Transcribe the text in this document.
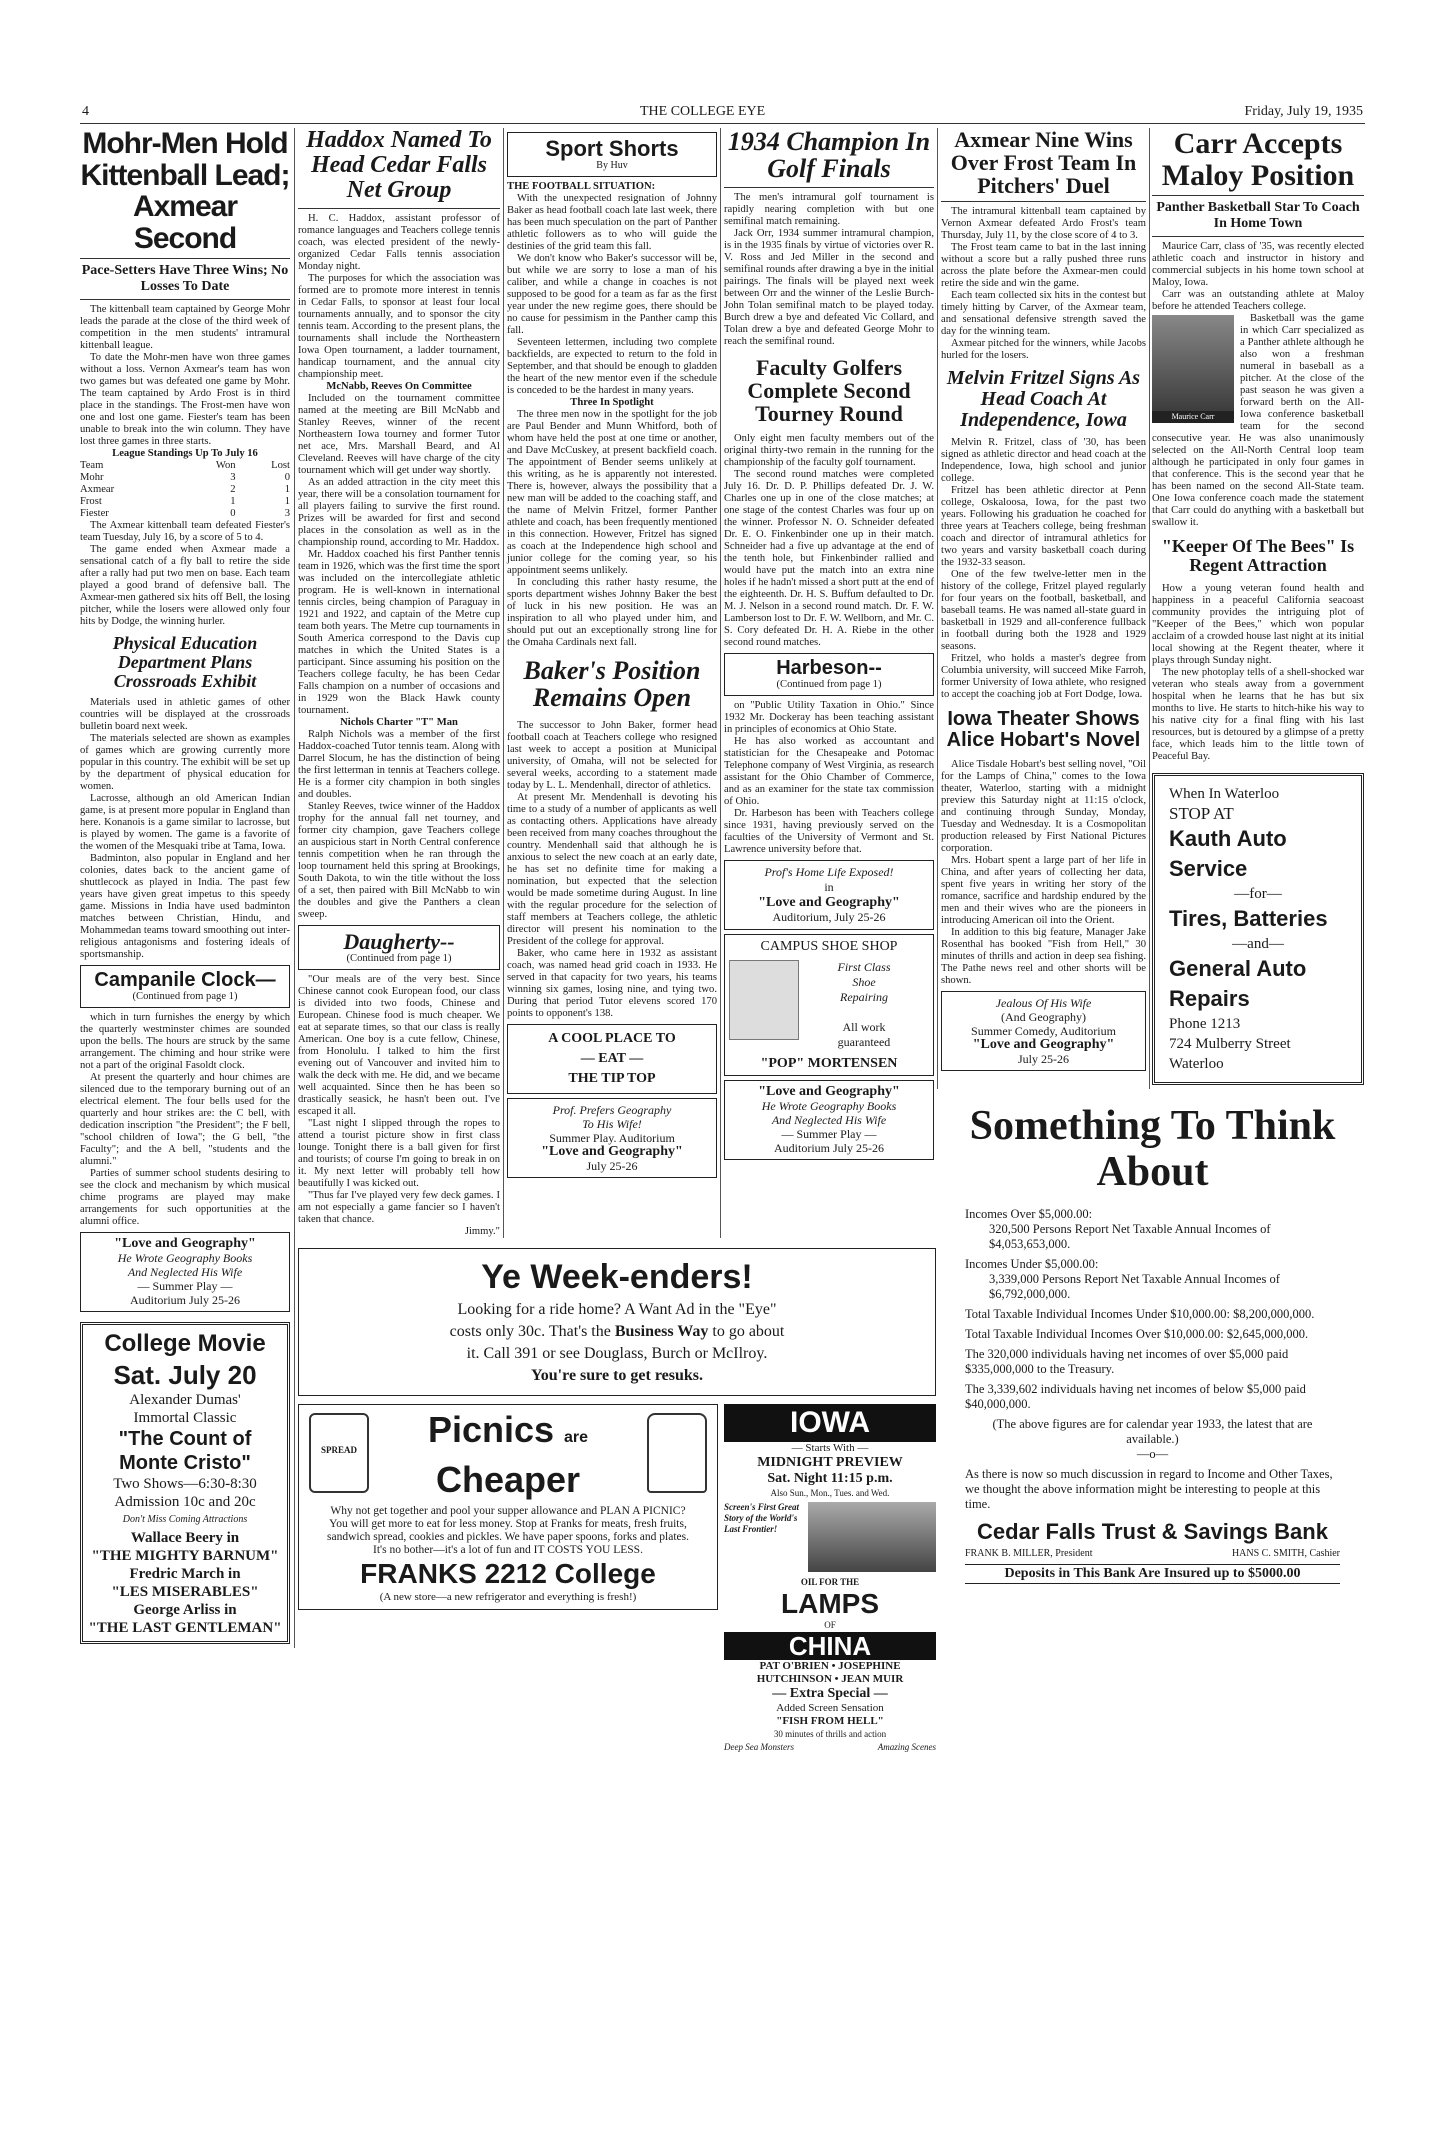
4	THE COLLEGE EYE	Friday, July 19, 1935
Mohr-Men Hold Kittenball Lead; Axmear Second
Pace-Setters Have Three Wins; No Losses To Date

The kittenball team captained by George Mohr leads the parade at the close of the third week of competition in the men students' intramural kittenball league.

To date the Mohr-men have won three games without a loss. Vernon Axmear's team has won two games but was defeated one game by Mohr. The team captained by Ardo Frost is in third place in the standings. The Frost-men have won one and lost one game. Fiester's team has been unable to break into the win column. They have lost three games in three starts.

League Standings Up To July 16
Team	Won	Lost
Mohr	3	0
Axmear	2	1
Frost	1	1
Fiester	0	3

The Axmear kittenball team defeated Fiester's team Tuesday, July 16, by a score of 5 to 4.

The game ended when Axmear made a sensational catch of a fly ball to retire the side after a rally had put two men on base. Each team played a good brand of defensive ball. The Axmear-men gathered six hits off Bell, the losing pitcher, while the losers were allowed only four hits by Dodge, the winning hurler.

Physical Education Department Plans Crossroads Exhibit

Materials used in athletic games of other countries will be displayed at the crossroads bulletin board next week.

The materials selected are shown as examples of games which are growing currently more popular in this country. The exhibit will be set up by the department of physical education for women.

Lacrosse, although an old American Indian game, is at present more popular in England than here. Konanois is a game similar to lacrosse, but is played by women. The game is a favorite of the women of the Mesquaki tribe at Tama, Iowa.

Badminton, also popular in England and her colonies, dates back to the ancient game of shuttlecock as played in India. The past few years have given great impetus to this speedy game. Missions in India have used badminton matches between Christian, Hindu, and Mohammedan teams toward smoothing out inter-religious antagonisms and fostering ideals of sportsmanship.

Campanile Clock—
(Continued from page 1)

which in turn furnishes the energy by which the quarterly westminster chimes are sounded upon the bells. The hours are struck by the same arrangement. The chiming and hour strike were not a part of the original Fasoldt clock.

At present the quarterly and hour chimes are silenced due to the temporary burning out of an electrical element. The four bells used for the quarterly and hour strikes are: the C bell, with dedication inscription "the President"; the F bell, "school children of Iowa"; the G bell, "the Faculty"; and the A bell, "students and the alumni."

Parties of summer school students desiring to see the clock and mechanism by which musical chime programs are played may make arrangements for such opportunities at the alumni office.

"Love and Geography"
He Wrote Geography Books
And Neglected His Wife
— Summer Play —
Auditorium July 25-26
College Movie
Sat. July 20
Alexander Dumas'
Immortal Classic
"The Count of
Monte Cristo"
Two Shows—6:30-8:30
Admission 10c and 20c
Don't Miss Coming Attractions
Wallace Beery in
"THE MIGHTY BARNUM"
Fredric March in
"LES MISERABLES"
George Arliss in
"THE LAST GENTLEMAN"
Haddox Named To Head Cedar Falls Net Group

H. C. Haddox, assistant professor of romance languages and Teachers college tennis coach, was elected president of the newly-organized Cedar Falls tennis association Monday night.

The purposes for which the association was formed are to promote more interest in tennis in Cedar Falls, to sponsor at least four local tournaments annually, and to sponsor the city tennis team. According to the present plans, the tournaments shall include the Northeastern Iowa Open tournament, a ladder tournament, handicap tournament, and the annual city championship meet.

McNabb, Reeves On Committee

Included on the tournament committee named at the meeting are Bill McNabb and Stanley Reeves, winner of the recent Northeastern Iowa tourney and former Tutor net ace, Mrs. Marshall Beard, and Al Cleveland. Reeves will have charge of the city tournament which will get under way shortly.

As an added attraction in the city meet this year, there will be a consolation tournament for all players failing to survive the first round. Prizes will be awarded for first and second places in the consolation as well as in the championship round, according to Mr. Haddox.

Mr. Haddox coached his first Panther tennis team in 1926, which was the first time the sport was included on the intercollegiate athletic program. He is well-known in international tennis circles, being champion of Paraguay in 1921 and 1922, and captain of the Metre cup team both years. The Metre cup tournaments in South America correspond to the Davis cup matches in which the United States is a participant. Since assuming his position on the Teachers college faculty, he has been Cedar Falls champion on a number of occasions and in 1929 won the Black Hawk county tournament.

Nichols Charter "T" Man

Ralph Nichols was a member of the first Haddox-coached Tutor tennis team. Along with Darrel Slocum, he has the distinction of being the first letterman in tennis at Teachers college. He is a former city champion in both singles and doubles.

Stanley Reeves, twice winner of the Haddox trophy for the annual fall net tourney, and former city champion, gave Teachers college an auspicious start in North Central conference tennis competition when he ran through the loop tournament held this spring at Brookings, South Dakota, to win the title without the loss of a set, then paired with Bill McNabb to win the doubles and give the Panthers a clean sweep.

Daugherty--
(Continued from page 1)

"Our meals are of the very best. Since Chinese cannot cook European food, our class is divided into two foods, Chinese and European. Chinese food is much cheaper. We eat at separate times, so that our class is really American. One boy is a cute fellow, Chinese, from Honolulu. I talked to him the first evening out of Vancouver and invited him to walk the deck with me. He did, and we became well acquainted. Since then he has been so drastically seasick, he hasn't been out. I've escaped it all.

"Last night I slipped through the ropes to attend a tourist picture show in first class lounge. Tonight there is a ball given for first and tourists; of course I'm going to break in on it. My next letter will probably tell how beautifully I was kicked out.

"Thus far I've played very few deck games. I am not especially a game fancier so I haven't taken that chance.

Jimmy."
Sport Shorts
By Huv
THE FOOTBALL SITUATION:

With the unexpected resignation of Johnny Baker as head football coach late last week, there has been much speculation on the part of Panther athletic followers as to who will guide the destinies of the grid team this fall.

We don't know who Baker's successor will be, but while we are sorry to lose a man of his caliber, and while a change in coaches is not supposed to be good for a team as far as the first year under the new regime goes, there should be no cause for pessimism in the Panther camp this fall.

Seventeen lettermen, including two complete backfields, are expected to return to the fold in September, and that should be enough to gladden the heart of the new mentor even if the schedule is conceded to be the hardest in many years.

Three In Spotlight

The three men now in the spotlight for the job are Paul Bender and Munn Whitford, both of whom have held the post at one time or another, and Dave McCuskey, at present backfield coach. The appointment of Bender seems unlikely at this writing, as he is apparently not interested. There is, however, always the possibility that a new man will be added to the coaching staff, and the name of Melvin Fritzel, former Panther athlete and coach, has been frequently mentioned in this connection. However, Fritzel has signed as coach at the Independence high school and junior college for the coming year, so his appointment seems unlikely.

In concluding this rather hasty resume, the sports department wishes Johnny Baker the best of luck in his new position. He was an inspiration to all who played under him, and should put out an exceptionally strong line for the Omaha Cardinals next fall.

Baker's Position Remains Open

The successor to John Baker, former head football coach at Teachers college who resigned last week to accept a position at Municipal university, of Omaha, will not be selected for several weeks, according to a statement made today by L. L. Mendenhall, director of athletics.

At present Mr. Mendenhall is devoting his time to a study of a number of applicants as well as contacting others. Applications have already been received from many coaches throughout the country. Mendenhall said that although he is anxious to select the new coach at an early date, he has set no definite time for making a nomination, but expected that the selection would be made sometime during August. In line with the regular procedure for the selection of staff members at Teachers college, the athletic director will present his nomination to the President of the college for approval.

Baker, who came here in 1932 as assistant coach, was named head grid coach in 1933. He served in that capacity for two years, his teams winning six games, losing nine, and tying two. During that period Tutor elevens scored 170 points to opponent's 138.

A COOL PLACE TO
— EAT —
THE TIP TOP
Prof. Prefers Geography
To His Wife!
Summer Play. Auditorium
"Love and Geography"
July 25-26
1934 Champion In Golf Finals

The men's intramural golf tournament is rapidly nearing completion with but one semifinal match remaining.

Jack Orr, 1934 summer intramural champion, is in the 1935 finals by virtue of victories over R. V. Ross and Jed Miller in the second and semifinal rounds after drawing a bye in the initial pairings. The finals will be played next week between Orr and the winner of the Leslie Burch-John Tolan semifinal match to be played today. Burch drew a bye and defeated Vic Collard, and Tolan drew a bye and defeated George Mohr to reach the semifinal round.

Faculty Golfers Complete Second Tourney Round

Only eight men faculty members out of the original thirty-two remain in the running for the championship of the faculty golf tournament.

The second round matches were completed July 16. Dr. D. P. Phillips defeated Dr. J. W. Charles one up in one of the close matches; at one stage of the contest Charles was four up on the winner. Professor N. O. Schneider defeated Dr. E. O. Finkenbinder one up in their match. Schneider had a five up advantage at the end of the tenth hole, but Finkenbinder rallied and would have put the match into an extra nine holes if he hadn't missed a short putt at the end of the eighteenth. Dr. H. S. Buffum defaulted to Dr. M. J. Nelson in a second round match. Dr. F. W. Lamberson lost to Dr. F. W. Wellborn, and Mr. C. S. Cory defeated Dr. H. A. Riebe in the other second round matches.

Harbeson--
(Continued from page 1)

on "Public Utility Taxation in Ohio." Since 1932 Mr. Dockeray has been teaching assistant in principles of economics at Ohio State.

He has also worked as accountant and statistician for the Chesapeake and Potomac Telephone company of West Virginia, as research assistant for the Ohio Chamber of Commerce, and as an examiner for the state tax commission of Ohio.

Dr. Harbeson has been with Teachers college since 1931, having previously served on the faculties of the University of Vermont and St. Lawrence university before that.

Prof's Home Life Exposed!
in
"Love and Geography"
Auditorium, July 25-26
CAMPUS SHOE SHOP
First Class
Shoe
Repairing

All work
guaranteed
"POP" MORTENSEN
"Love and Geography"
He Wrote Geography Books
And Neglected His Wife
— Summer Play —
Auditorium July 25-26
Axmear Nine Wins Over Frost Team In Pitchers' Duel

The intramural kittenball team captained by Vernon Axmear defeated Ardo Frost's team Thursday, July 11, by the close score of 4 to 3.

The Frost team came to bat in the last inning without a score but a rally pushed three runs across the plate before the Axmear-men could retire the side and win the game.

Each team collected six hits in the contest but timely hitting by Carver, of the Axmear team, and sensational defensive strength saved the day for the winning team.

Axmear pitched for the winners, while Jacobs hurled for the losers.

Melvin Fritzel Signs As Head Coach At Independence, Iowa

Melvin R. Fritzel, class of '30, has been signed as athletic director and head coach at the Independence, Iowa, high school and junior college.

Fritzel has been athletic director at Penn college, Oskaloosa, Iowa, for the past two years. Following his graduation he coached for three years at Teachers college, being freshman coach and director of intramural athletics for two years and varsity basketball coach during the 1932-33 season.

One of the few twelve-letter men in the history of the college, Fritzel played regularly for four years on the football, basketball, and baseball teams. He was named all-state guard in basketball in 1929 and all-conference fullback in football during both the 1928 and 1929 seasons.

Fritzel, who holds a master's degree from Columbia university, will succeed Mike Farroh, former University of Iowa athlete, who resigned to accept the coaching job at Fort Dodge, Iowa.

Iowa Theater Shows Alice Hobart's Novel

Alice Tisdale Hobart's best selling novel, "Oil for the Lamps of China," comes to the Iowa theater, Waterloo, starting with a midnight preview this Saturday night at 11:15 o'clock, and continuing through Sunday, Monday, Tuesday and Wednesday. It is a Cosmopolitan production released by First National Pictures corporation.

Mrs. Hobart spent a large part of her life in China, and after years of collecting her data, spent five years in writing her story of the romance, sacrifice and hardship endured by the men and their wives who are the pioneers in introducing American oil into the Orient.

In addition to this big feature, Manager Jake Rosenthal has booked "Fish from Hell," 30 minutes of thrills and action in deep sea fishing. The Pathe news reel and other shorts will be shown.

Jealous Of His Wife
(And Geography)
Summer Comedy, Auditorium
"Love and Geography"
July 25-26
Carr Accepts Maloy Position
Panther Basketball Star To Coach In Home Town

Maurice Carr, class of '35, was recently elected athletic coach and instructor in history and commercial subjects in his home town school at Maloy, Iowa.

Carr was an outstanding athlete at Maloy before he attended Teachers college.

Maurice Carr

Basketball was the game in which Carr specialized as a Panther athlete although he also won a freshman numeral in baseball as a pitcher. At the close of the past season he was given a forward berth on the All-Iowa conference basketball team for the second consecutive year. He was also unanimously selected on the All-North Central loop team although he participated in only four games in that conference. This is the second year that he has been named on the second All-State team. One Iowa conference coach made the statement that Carr could do anything with a basketball but swallow it.

"Keeper Of The Bees" Is Regent Attraction

How a young veteran found health and happiness in a peaceful California seacoast community provides the intriguing plot of "Keeper of the Bees," which won popular acclaim of a crowded house last night at its initial local showing at the Regent theater, where it plays through Sunday night.

The new photoplay tells of a shell-shocked war veteran who steals away from a government hospital when he learns that he has but six months to live. He starts to hitch-hike his way to his native city for a final fling with his last resources, but is detoured by a glimpse of a pretty face, which leads him to the little town of Peaceful Bay.

When In Waterloo
STOP AT
Kauth Auto Service
—for—
Tires, Batteries
—and—
General Auto Repairs
Phone 1213
724 Mulberry Street
Waterloo
Ye Week-enders!
Looking for a ride home? A Want Ad in the "Eye"
costs only 30c. That's the Business Way to go about
it. Call 391 or see Douglass, Burch or McIlroy.
You're sure to get resuks.
SPREAD	Picnics are
Cheaper
Why not get together and pool your supper allowance and PLAN A PICNIC? You will get more to eat for less money. Stop at Franks for meats, fresh fruits, sandwich spread, cookies and pickles. We have paper spoons, forks and plates. It's no bother—it's a lot of fun and IT COSTS YOU LESS.
FRANKS 2212 College
(A new store—a new refrigerator and everything is fresh!)
IOWA
— Starts With —
MIDNIGHT PREVIEW
Sat. Night 11:15 p.m.
Also Sun., Mon., Tues. and Wed.
Screen's First Great Story of the World's Last Frontier!
OIL FOR THE
LAMPS
OF
CHINA
PAT O'BRIEN • JOSEPHINE
HUTCHINSON • JEAN MUIR
— Extra Special —
Added Screen Sensation
"FISH FROM HELL"
30 minutes of thrills and action
Deep Sea Monsters	Amazing Scenes
Something To Think About
Incomes Over $5,000.00:
320,500 Persons Report Net Taxable Annual Incomes of $4,053,653,000.
Incomes Under $5,000.00:
3,339,000 Persons Report Net Taxable Annual Incomes of $6,792,000,000.
Total Taxable Individual Incomes Under $10,000.00: $8,200,000,000.
Total Taxable Individual Incomes Over $10,000.00: $2,645,000,000.
The 320,000 individuals having net incomes of over $5,000 paid $335,000,000 to the Treasury.
The 3,339,602 individuals having net incomes of below $5,000 paid $40,000,000.
(The above figures are for calendar year 1933, the latest that are available.)
—o—
As there is now so much discussion in regard to Income and Other Taxes, we thought the above information might be interesting to people at this time.
Cedar Falls Trust & Savings Bank
FRANK B. MILLER, President	HANS C. SMITH, Cashier
Deposits in This Bank Are Insured up to $5000.00
